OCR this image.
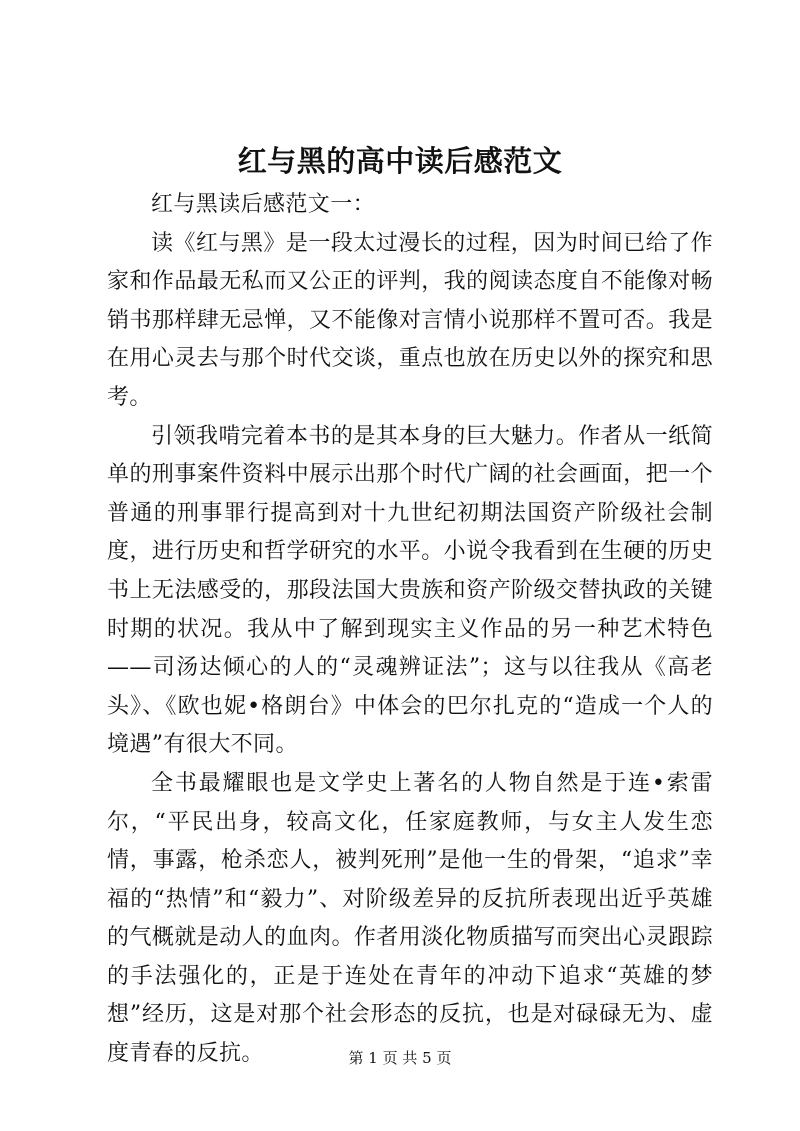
红与黑的高中读后感范文

红与黑读后感范文一：

读《红与黑》是一段太过漫长的过程，因为时间已给了作家和作品最无私而又公正的评判，我的阅读态度自不能像对畅销书那样肆无忌惮，又不能像对言情小说那样不置可否。我是在用心灵去与那个时代交谈，重点也放在历史以外的探究和思考。

引领我啃完着本书的是其本身的巨大魅力。作者从一纸简单的刑事案件资料中展示出那个时代广阔的社会画面，把一个普通的刑事罪行提高到对十九世纪初期法国资产阶级社会制度，进行历史和哲学研究的水平。小说令我看到在生硬的历史书上无法感受的，那段法国大贵族和资产阶级交替执政的关键时期的状况。我从中了解到现实主义作品的另一种艺术特色——司汤达倾心的人的“灵魂辨证法”；这与以往我从《高老头》、《欧也妮•格朗台》中体会的巴尔扎克的“造成一个人的境遇”有很大不同。

全书最耀眼也是文学史上著名的人物自然是于连•索雷尔，“平民出身，较高文化，任家庭教师，与女主人发生恋情，事露，枪杀恋人，被判死刑”是他一生的骨架，“追求”幸福的“热情”和“毅力”、对阶级差异的反抗所表现出近乎英雄的气概就是动人的血肉。作者用淡化物质描写而突出心灵跟踪的手法强化的，正是于连处在青年的冲动下追求“英雄的梦想”经历，这是对那个社会形态的反抗，也是对碌碌无为、虚度青春的反抗。	第 1 页 共 5 页
